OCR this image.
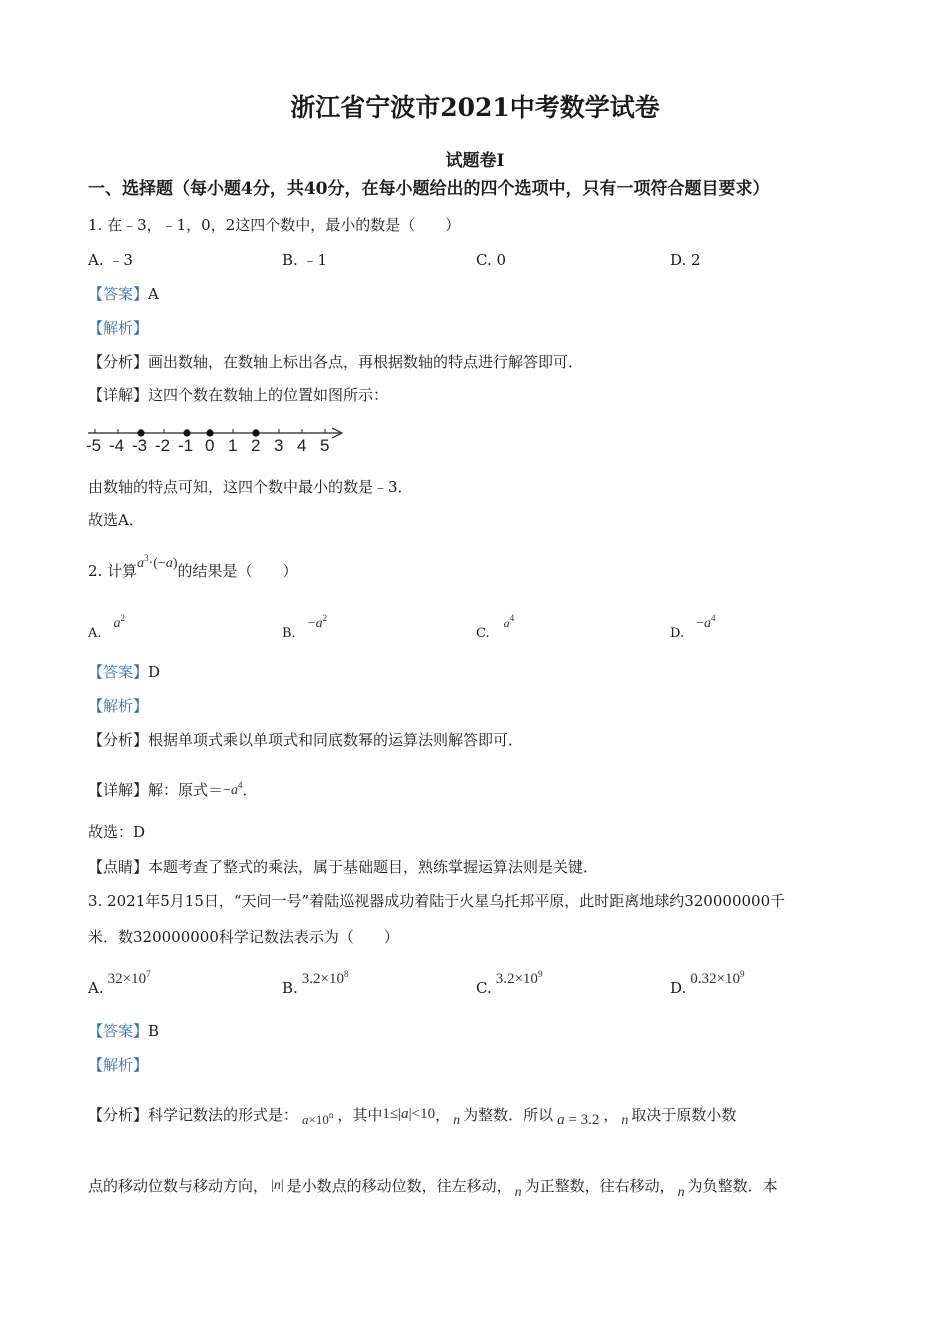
浙江省宁波市2021中考数学试卷
试题卷Ⅰ
一、选择题（每小题4分，共40分，在每小题给出的四个选项中，只有一项符合题目要求）
1. 在﹣3，﹣1，0，2这四个数中，最小的数是（　　）
A. ﹣3	B. ﹣1	C. 0	D. 2
【答案】A
【解析】
【分析】画出数轴，在数轴上标出各点，再根据数轴的特点进行解答即可．
【详解】这四个数在数轴上的位置如图所示：
-5 -4 -3 -2 -1 0 1 2 3 4 5
由数轴的特点可知，这四个数中最小的数是﹣3．
故选A．
2. 计算$a^3\cdot(-a)$的结果是（　　）
$A.a^2$
$B.-a^2$
C.$^{a^4}$
$D.-a^4$
【答案】D
【解析】
【分析】根据单项式乘以单项式和同底数幂的运算法则解答即可．
【详解】解：原式$=-a^4$．
故选：D
【点睛】本题考查了整式的乘法，属于基础题目，熟练掌握运算法则是关键．
3. 2021年5月15日，“天问一号”着陆巡视器成功着陆于火星乌托邦平原，此时距离地球约320000000千
米．数320000000科学记数法表示为（　　）
A. $32\times 10^7$
B. $3.2\times 10^8$
C. $3.2\times 10^9$
D. $0.32\times 10^9$
【答案】B
【解析】
【分析】科学记数法的形式是： $a\times 10^n$ ，其中1≤|a|<10， n 为整数．所以 a = 3.2 ， n 取决于原数小数
点的移动位数与移动方向， |n| 是小数点的移动位数，往左移动， n 为正整数，往右移动， n 为负整数．本
